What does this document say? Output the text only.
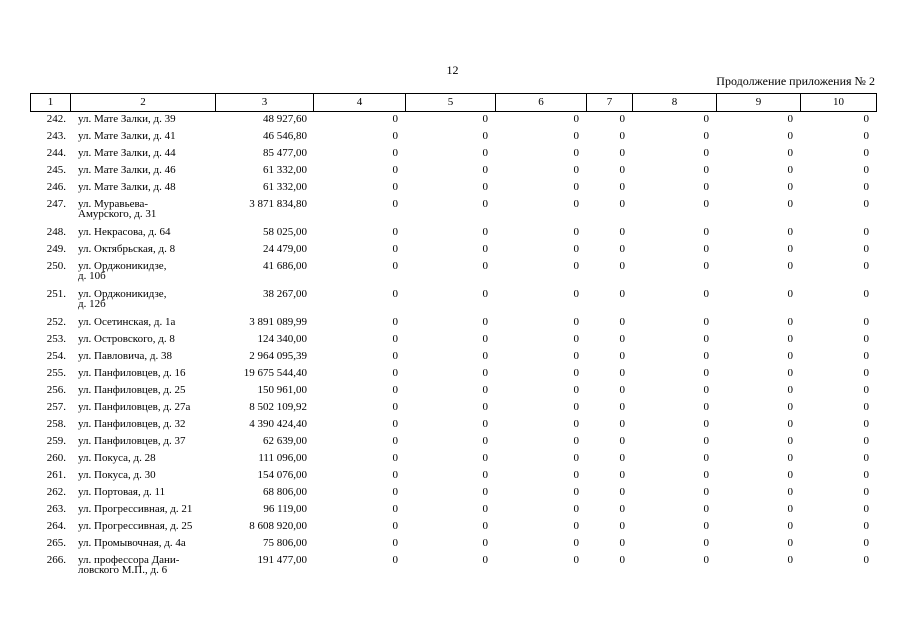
12
Продолжение приложения № 2
1	2	3	4	5	6	7	8	9	10
242.	ул. Мате Залки, д. 39	48 927,60	0	0	0	0	0	0	0
243.	ул. Мате Залки, д. 41	46 546,80	0	0	0	0	0	0	0
244.	ул. Мате Залки, д. 44	85 477,00	0	0	0	0	0	0	0
245.	ул. Мате Залки, д. 46	61 332,00	0	0	0	0	0	0	0
246.	ул. Мате Залки, д. 48	61 332,00	0	0	0	0	0	0	0
247.	ул. Муравьева-
Амурского, д. 31	3 871 834,80	0	0	0	0	0	0	0
248.	ул. Некрасова, д. 64	58 025,00	0	0	0	0	0	0	0
249.	ул. Октябрьская, д. 8	24 479,00	0	0	0	0	0	0	0
250.	ул. Орджоникидзе,
д. 10б	41 686,00	0	0	0	0	0	0	0
251.	ул. Орджоникидзе,
д. 12б	38 267,00	0	0	0	0	0	0	0
252.	ул. Осетинская, д. 1а	3 891 089,99	0	0	0	0	0	0	0
253.	ул. Островского, д. 8	124 340,00	0	0	0	0	0	0	0
254.	ул. Павловича, д. 38	2 964 095,39	0	0	0	0	0	0	0
255.	ул. Панфиловцев, д. 16	19 675 544,40	0	0	0	0	0	0	0
256.	ул. Панфиловцев, д. 25	150 961,00	0	0	0	0	0	0	0
257.	ул. Панфиловцев, д. 27а	8 502 109,92	0	0	0	0	0	0	0
258.	ул. Панфиловцев, д. 32	4 390 424,40	0	0	0	0	0	0	0
259.	ул. Панфиловцев, д. 37	62 639,00	0	0	0	0	0	0	0
260.	ул. Покуса, д. 28	111 096,00	0	0	0	0	0	0	0
261.	ул. Покуса, д. 30	154 076,00	0	0	0	0	0	0	0
262.	ул. Портовая, д. 11	68 806,00	0	0	0	0	0	0	0
263.	ул. Прогрессивная, д. 21	96 119,00	0	0	0	0	0	0	0
264.	ул. Прогрессивная, д. 25	8 608 920,00	0	0	0	0	0	0	0
265.	ул. Промывочная, д. 4а	75 806,00	0	0	0	0	0	0	0
266.	ул. профессора Дани-
ловского М.П., д. 6	191 477,00	0	0	0	0	0	0	0
